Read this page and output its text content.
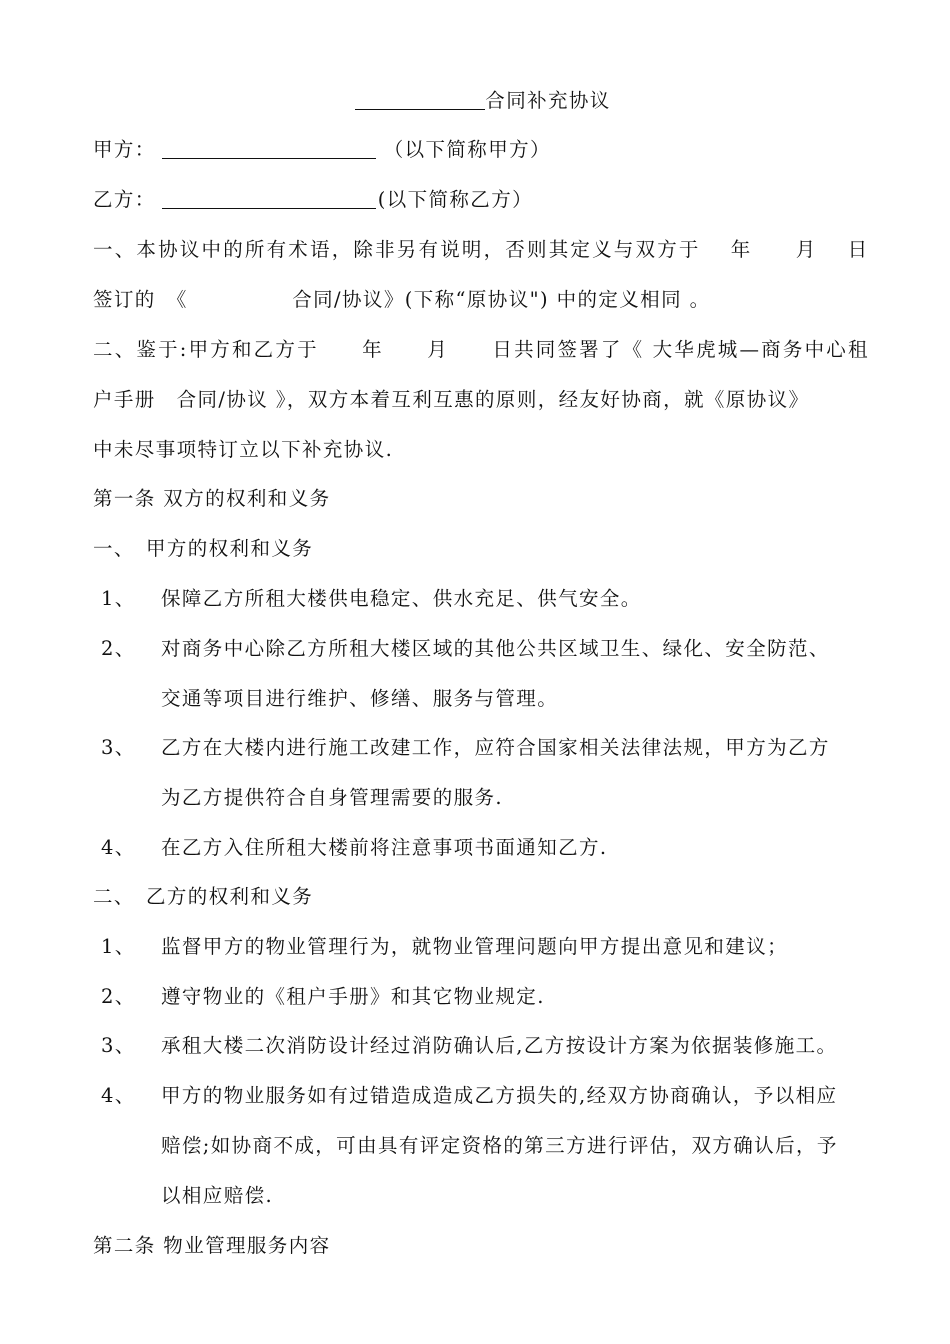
合同补充协议
甲方：	（以下简称甲方）
乙方：	(以下简称乙方）
一、本协议中的所有术语，除非另有说明，否则其定义与双方于　 年　　月　 日
签订的　《　　　　　合同/协议》(下称“原协议") 中的定义相同 。
二、鉴于:甲方和乙方于　　年　　月　　日共同签署了《 大华虎城—商务中心租
户手册　合同/协议 》，双方本着互利互惠的原则，经友好协商，就《原协议》
中未尽事项特订立以下补充协议.
第一条 双方的权利和义务
一、　甲方的权利和义务
1、 保障乙方所租大楼供电稳定、供水充足、供气安全。
2、 对商务中心除乙方所租大楼区域的其他公共区域卫生、绿化、安全防范、
交通等项目进行维护、修缮、服务与管理。
3、 乙方在大楼内进行施工改建工作，应符合国家相关法律法规，甲方为乙方
为乙方提供符合自身管理需要的服务.
4、 在乙方入住所租大楼前将注意事项书面通知乙方.
二、　乙方的权利和义务
1、 监督甲方的物业管理行为，就物业管理问题向甲方提出意见和建议；
2、 遵守物业的《租户手册》和其它物业规定.
3、 承租大楼二次消防设计经过消防确认后,乙方按设计方案为依据装修施工。
4、 甲方的物业服务如有过错造成造成乙方损失的,经双方协商确认，予以相应
赔偿;如协商不成，可由具有评定资格的第三方进行评估，双方确认后，予
以相应赔偿.
第二条 物业管理服务内容
